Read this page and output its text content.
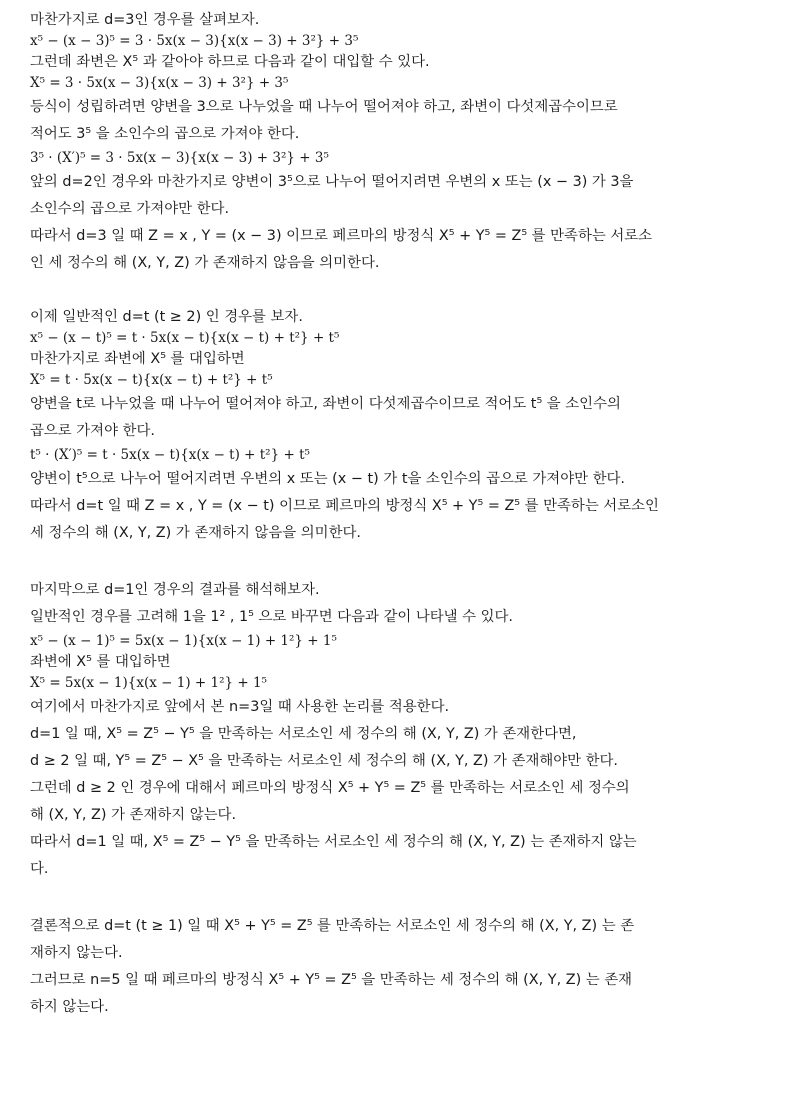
마찬가지로 d=3인 경우를 살펴보자.
x⁵ − (x − 3)⁵ = 3 · 5x(x − 3){x(x − 3) + 3²} + 3⁵
그런데 좌변은 X⁵ 과 같아야 하므로 다음과 같이 대입할 수 있다.
X⁵ = 3 · 5x(x − 3){x(x − 3) + 3²} + 3⁵
등식이 성립하려면 양변을 3으로 나누었을 때 나누어 떨어져야 하고, 좌변이 다섯제곱수이므로
적어도 3⁵ 을 소인수의 곱으로 가져야 한다.
3⁵ · (X′)⁵ = 3 · 5x(x − 3){x(x − 3) + 3²} + 3⁵
앞의 d=2인 경우와 마찬가지로 양변이 3⁵으로 나누어 떨어지려면 우변의 x 또는 (x − 3) 가 3을
소인수의 곱으로 가져야만 한다.
따라서 d=3 일 때 Z = x , Y = (x − 3) 이므로 페르마의 방정식 X⁵ + Y⁵ = Z⁵ 를 만족하는 서로소
인 세 정수의 해 (X, Y, Z) 가 존재하지 않음을 의미한다.
이제 일반적인 d=t (t ≥ 2) 인 경우를 보자.
x⁵ − (x − t)⁵ = t · 5x(x − t){x(x − t) + t²} + t⁵
마찬가지로 좌변에 X⁵ 를 대입하면
X⁵ = t · 5x(x − t){x(x − t) + t²} + t⁵
양변을 t로 나누었을 때 나누어 떨어져야 하고, 좌변이 다섯제곱수이므로 적어도 t⁵ 을 소인수의
곱으로 가져야 한다.
t⁵ · (X′)⁵ = t · 5x(x − t){x(x − t) + t²} + t⁵
양변이 t⁵으로 나누어 떨어지려면 우변의 x 또는 (x − t) 가 t을 소인수의 곱으로 가져야만 한다.
따라서 d=t 일 때 Z = x , Y = (x − t) 이므로 페르마의 방정식 X⁵ + Y⁵ = Z⁵ 를 만족하는 서로소인
세 정수의 해 (X, Y, Z) 가 존재하지 않음을 의미한다.
마지막으로 d=1인 경우의 결과를 해석해보자.
일반적인 경우를 고려해 1을 1² , 1⁵ 으로 바꾸면 다음과 같이 나타낼 수 있다.
x⁵ − (x − 1)⁵ = 5x(x − 1){x(x − 1) + 1²} + 1⁵
좌변에 X⁵ 를 대입하면
X⁵ = 5x(x − 1){x(x − 1) + 1²} + 1⁵
여기에서 마찬가지로 앞에서 본 n=3일 때 사용한 논리를 적용한다.
d=1 일 때, X⁵ = Z⁵ − Y⁵ 을 만족하는 서로소인 세 정수의 해 (X, Y, Z) 가 존재한다면,
d ≥ 2 일 때, Y⁵ = Z⁵ − X⁵ 을 만족하는 서로소인 세 정수의 해 (X, Y, Z) 가 존재해야만 한다.
그런데 d ≥ 2 인 경우에 대해서 페르마의 방정식 X⁵ + Y⁵ = Z⁵ 를 만족하는 서로소인 세 정수의
해 (X, Y, Z) 가 존재하지 않는다.
따라서 d=1 일 때, X⁵ = Z⁵ − Y⁵ 을 만족하는 서로소인 세 정수의 해 (X, Y, Z) 는 존재하지 않는
다.
결론적으로 d=t (t ≥ 1) 일 때 X⁵ + Y⁵ = Z⁵ 를 만족하는 서로소인 세 정수의 해 (X, Y, Z) 는 존
재하지 않는다.
그러므로 n=5 일 때 페르마의 방정식 X⁵ + Y⁵ = Z⁵ 을 만족하는 세 정수의 해 (X, Y, Z) 는 존재
하지 않는다.
